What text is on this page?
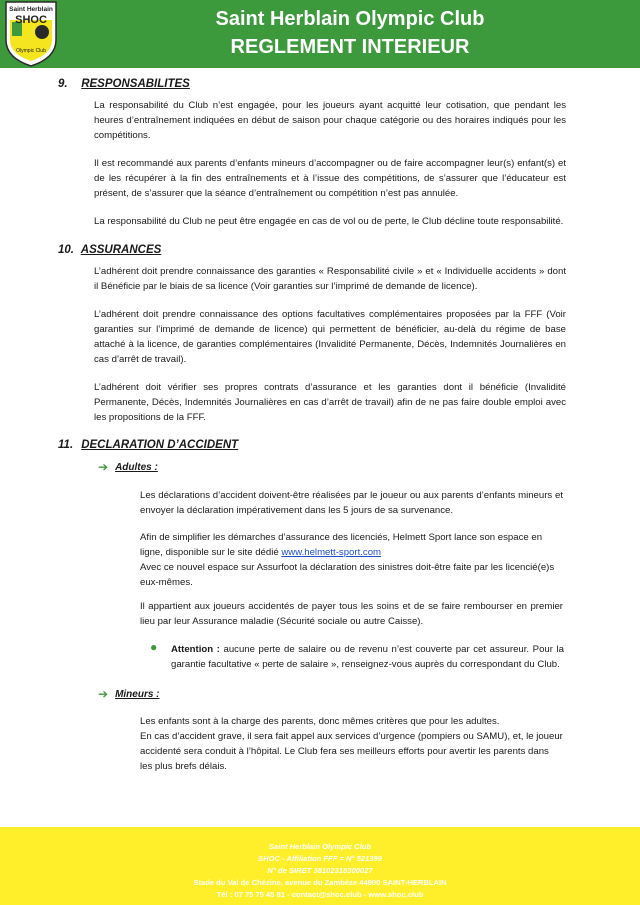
Saint Herblain
SHOC
Olympic Club
Saint Herblain Olympic Club
REGLEMENT INTERIEUR
9. RESPONSABILITES
La responsabilité du Club n’est engagée, pour les joueurs ayant acquitté leur cotisation, que pendant les heures d’entraînement indiquées en début de saison pour chaque catégorie ou des horaires indiqués pour les compétitions.
Il est recommandé aux parents d’enfants mineurs d’accompagner ou de faire accompagner leur(s) enfant(s) et de les récupérer à la fin des entraînements et à l’issue des compétitions, de s’assurer que l’éducateur est présent, de s’assurer que la séance d’entraînement ou compétition n’est pas annulée.
La responsabilité du Club ne peut être engagée en cas de vol ou de perte, le Club décline toute responsabilité.
10. ASSURANCES
L’adhérent doit prendre connaissance des garanties « Responsabilité civile » et « Individuelle accidents » dont il Bénéficie par le biais de sa licence (Voir garanties sur l’imprimé de demande de licence).
L’adhérent doit prendre connaissance des options facultatives complémentaires proposées par la FFF (Voir garanties sur l’imprimé de demande de licence) qui permettent de bénéficier, au-delà du régime de base attaché à la licence, de garanties complémentaires (Invalidité Permanente, Décès, Indemnités Journalières en cas d’arrêt de travail).
L’adhérent doit vérifier ses propres contrats d’assurance et les garanties dont il bénéficie (Invalidité Permanente, Décès, Indemnités Journalières en cas d’arrêt de travail) afin de ne pas faire double emploi avec les propositions de la FFF.
11. DECLARATION D’ACCIDENT
➔ Adultes :
Les déclarations d’accident doivent-être réalisées par le joueur ou aux parents d’enfants mineurs et envoyer la déclaration impérativement dans les 5 jours de sa survenance.
Afin de simplifier les démarches d’assurance des licenciés, Helmett Sport lance son espace en
ligne, disponible sur le site dédié www.helmett-sport.com
Avec ce nouvel espace sur Assurfoot la déclaration des sinistres doit-être faite par les licencié(e)s eux-mêmes.
Il appartient aux joueurs accidentés de payer tous les soins et de se faire rembourser en premier lieu par leur Assurance maladie (Sécurité sociale ou autre Caisse).
● Attention : aucune perte de salaire ou de revenu n’est couverte par cet assureur. Pour la garantie facultative « perte de salaire », renseignez-vous auprès du correspondant du Club.
➔ Mineurs :
Les enfants sont à la charge des parents, donc mêmes critères que pour les adultes.
En cas d’accident grave, il sera fait appel aux services d’urgence (pompiers ou SAMU), et, le joueur accidenté sera conduit à l’hôpital. Le Club fera ses meilleurs efforts pour avertir les parents dans les plus brefs délais.
Saint Herblain Olympic Club
SHOC - Affiliation FFF = N° 521399
N° de SIRET 38102318300027
Stade du Val de Chézine, avenue du Zambèze 44800 SAINT-HERBLAIN
Tél : 07 75 75 45 81 - contact@shoc.club - www.shoc.club
